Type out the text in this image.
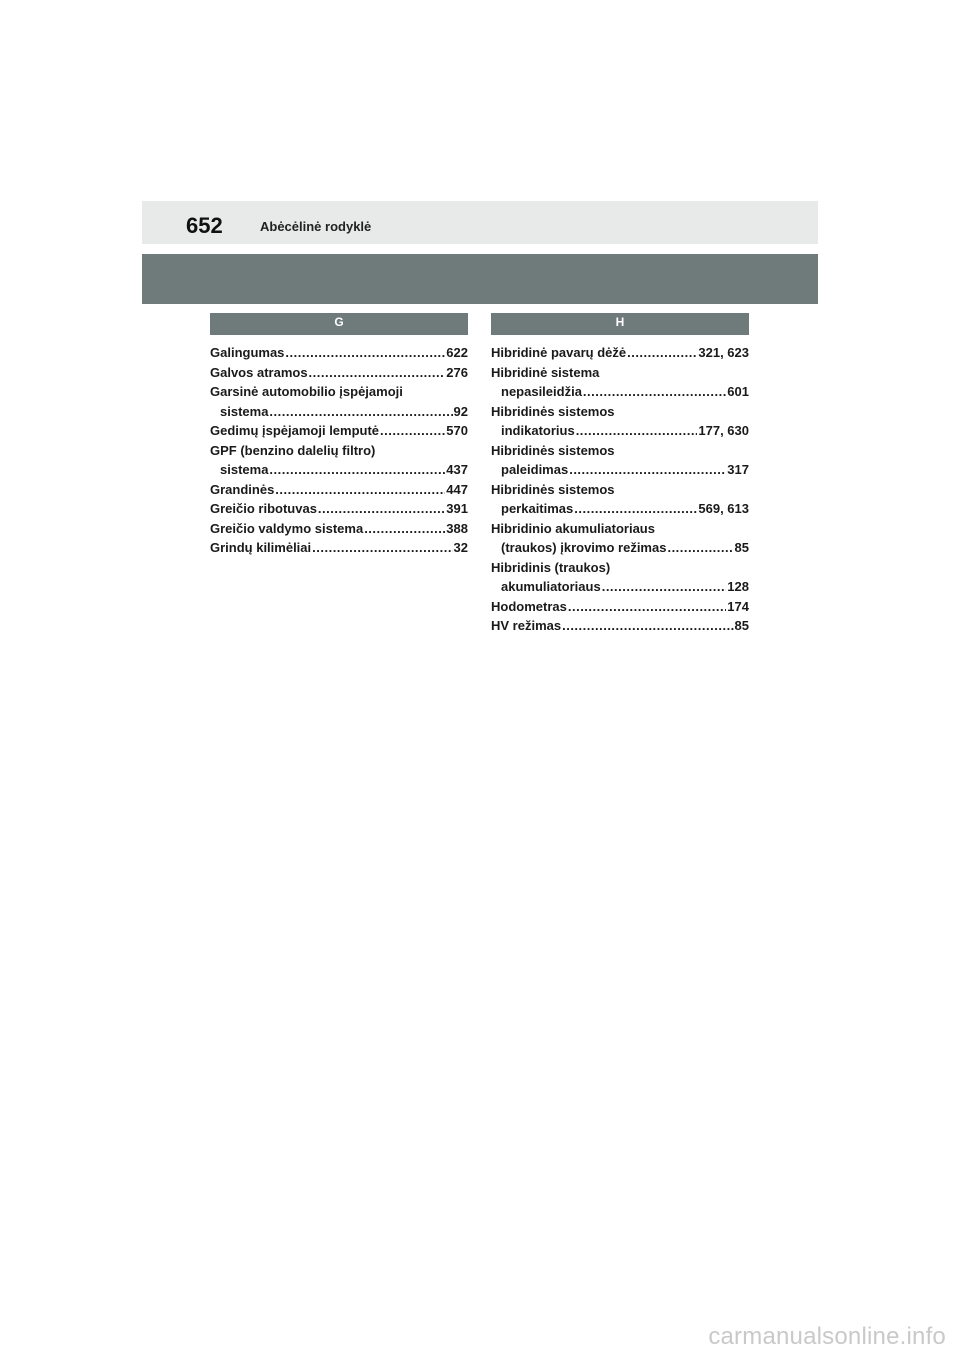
652	Abėcėlinė rodyklė
G
Galingumas .....	622
Galvos atramos .....	276
Garsinė automobilio įspėjamoji
sistema .....	92
Gedimų įspėjamoji lemputė .....	570
GPF (benzino dalelių filtro)
sistema .....	437
Grandinės .....	447
Greičio ribotuvas .....	391
Greičio valdymo sistema .....	388
Grindų kilimėliai .....	32
H
Hibridinė pavarų dėžė .....	321, 623
Hibridinė sistema
nepasileidžia .....	601
Hibridinės sistemos
indikatorius .....	177, 630
Hibridinės sistemos
paleidimas .....	317
Hibridinės sistemos
perkaitimas .....	569, 613
Hibridinio akumuliatoriaus
(traukos) įkrovimo režimas .....	85
Hibridinis (traukos)
akumuliatoriaus .....	128
Hodometras .....	174
HV režimas .....	85
carmanualsonline.info
